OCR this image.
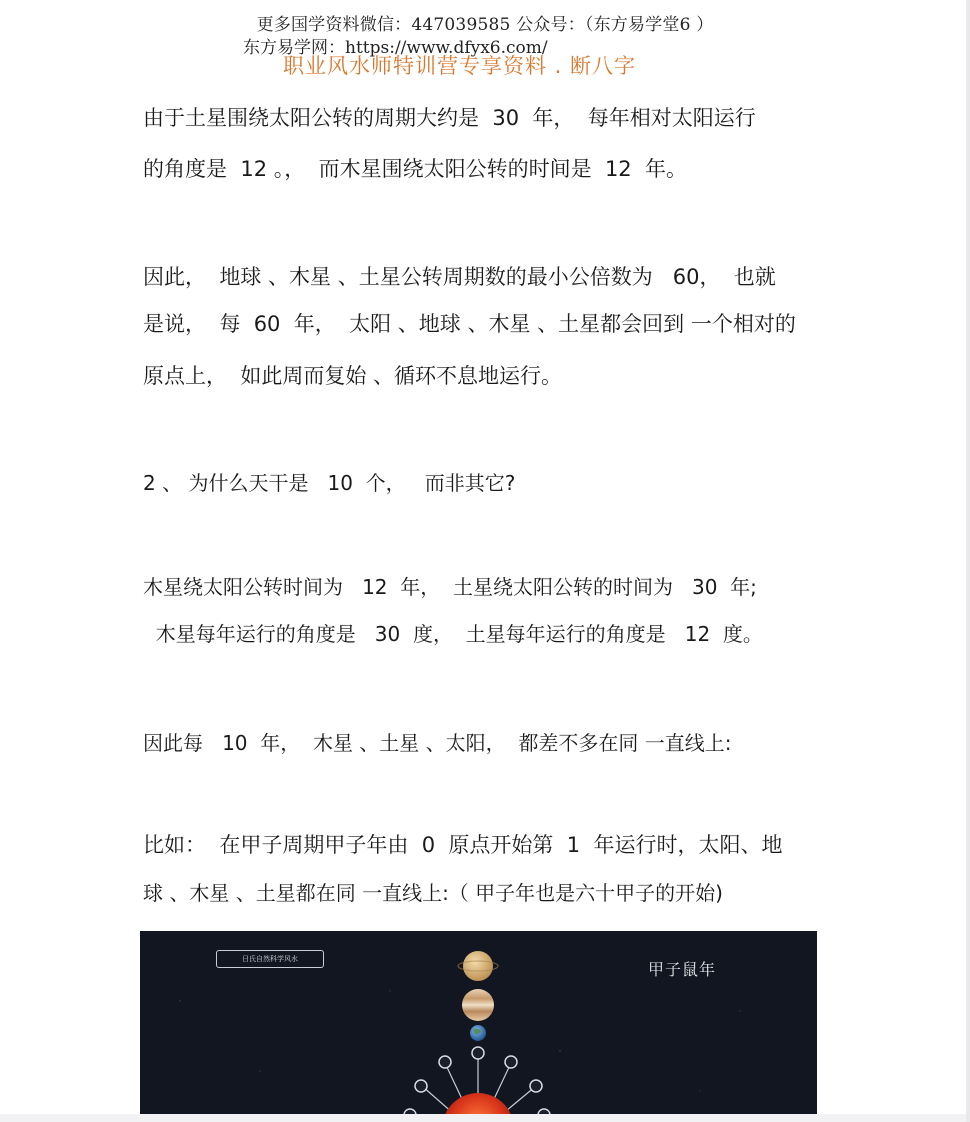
更多国学资料微信：447039585 公众号：（东方易学堂6 ）
东方易学网：https://www.dfyx6.com/
职业风水师特训营专享资料 . 断八字

由于土星围绕太阳公转的周期大约是  30  年，  每年相对太阳运行

的角度是  12 。，  而木星围绕太阳公转的时间是  12  年。

因此，  地球 、木星 、土星公转周期数的最小公倍数为   60，  也就

是说，  每  60  年，  太阳 、地球 、木星 、土星都会回到 一个相对的

原点上，  如此周而复始 、循环不息地运行。

2 、 为什么天干是   10  个，   而非其它?

木星绕太阳公转时间为   12  年，  土星绕太阳公转的时间为   30  年;

木星每年运行的角度是   30  度，  土星每年运行的角度是   12  度。

因此每   10  年，  木星 、土星 、太阳，  都差不多在同 一直线上:

比如：  在甲子周期甲子年由  0  原点开始第  1  年运行时，太阳、地

球 、木星 、土星都在同 一直线上:（ 甲子年也是六十甲子的开始)

日氏自然科学风水
甲子鼠年
